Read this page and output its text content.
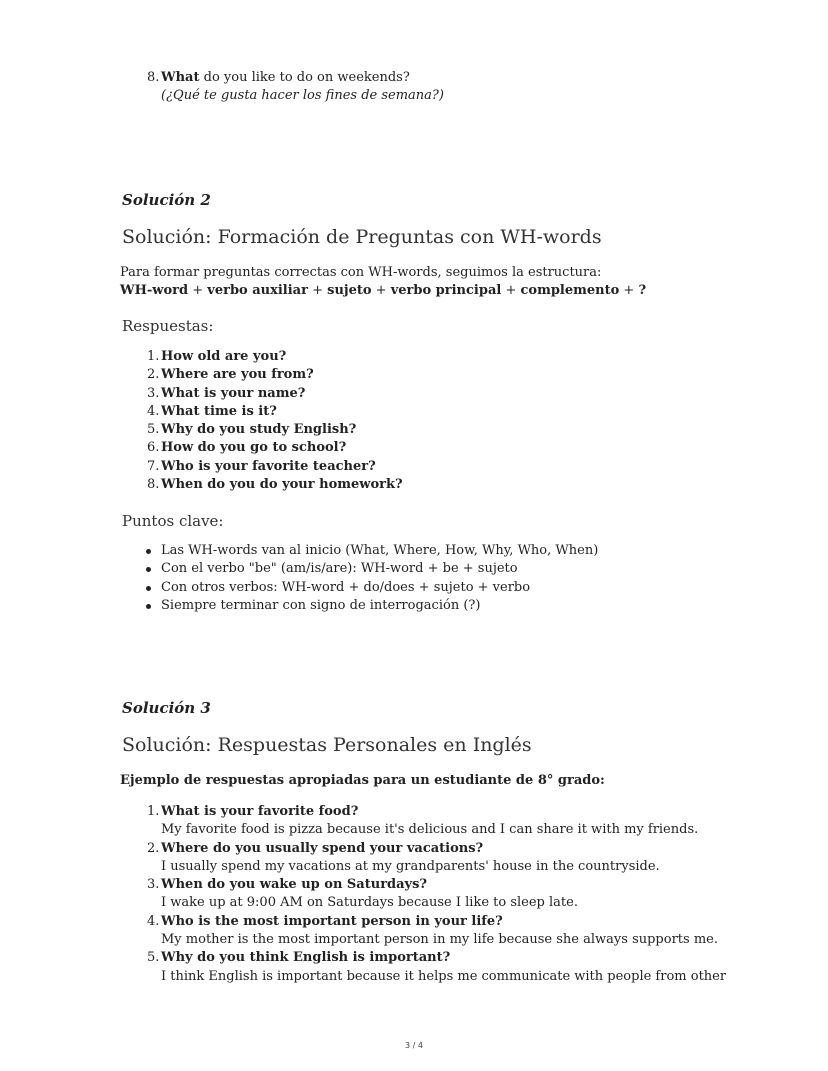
8. What do you like to do on weekends?
(¿Qué te gusta hacer los fines de semana?)
Solución 2
Solución: Formación de Preguntas con WH-words
Para formar preguntas correctas con WH-words, seguimos la estructura:
WH-word + verbo auxiliar + sujeto + verbo principal + complemento + ?
Respuestas:
1. How old are you?
2. Where are you from?
3. What is your name?
4. What time is it?
5. Why do you study English?
6. How do you go to school?
7. Who is your favorite teacher?
8. When do you do your homework?
Puntos clave:
Las WH-words van al inicio (What, Where, How, Why, Who, When)
Con el verbo "be" (am/is/are): WH-word + be + sujeto
Con otros verbos: WH-word + do/does + sujeto + verbo
Siempre terminar con signo de interrogación (?)
Solución 3
Solución: Respuestas Personales en Inglés
Ejemplo de respuestas apropiadas para un estudiante de 8° grado:
1. What is your favorite food?
My favorite food is pizza because it's delicious and I can share it with my friends.
2. Where do you usually spend your vacations?
I usually spend my vacations at my grandparents' house in the countryside.
3. When do you wake up on Saturdays?
I wake up at 9:00 AM on Saturdays because I like to sleep late.
4. Who is the most important person in your life?
My mother is the most important person in my life because she always supports me.
5. Why do you think English is important?
I think English is important because it helps me communicate with people from other
3 / 4
